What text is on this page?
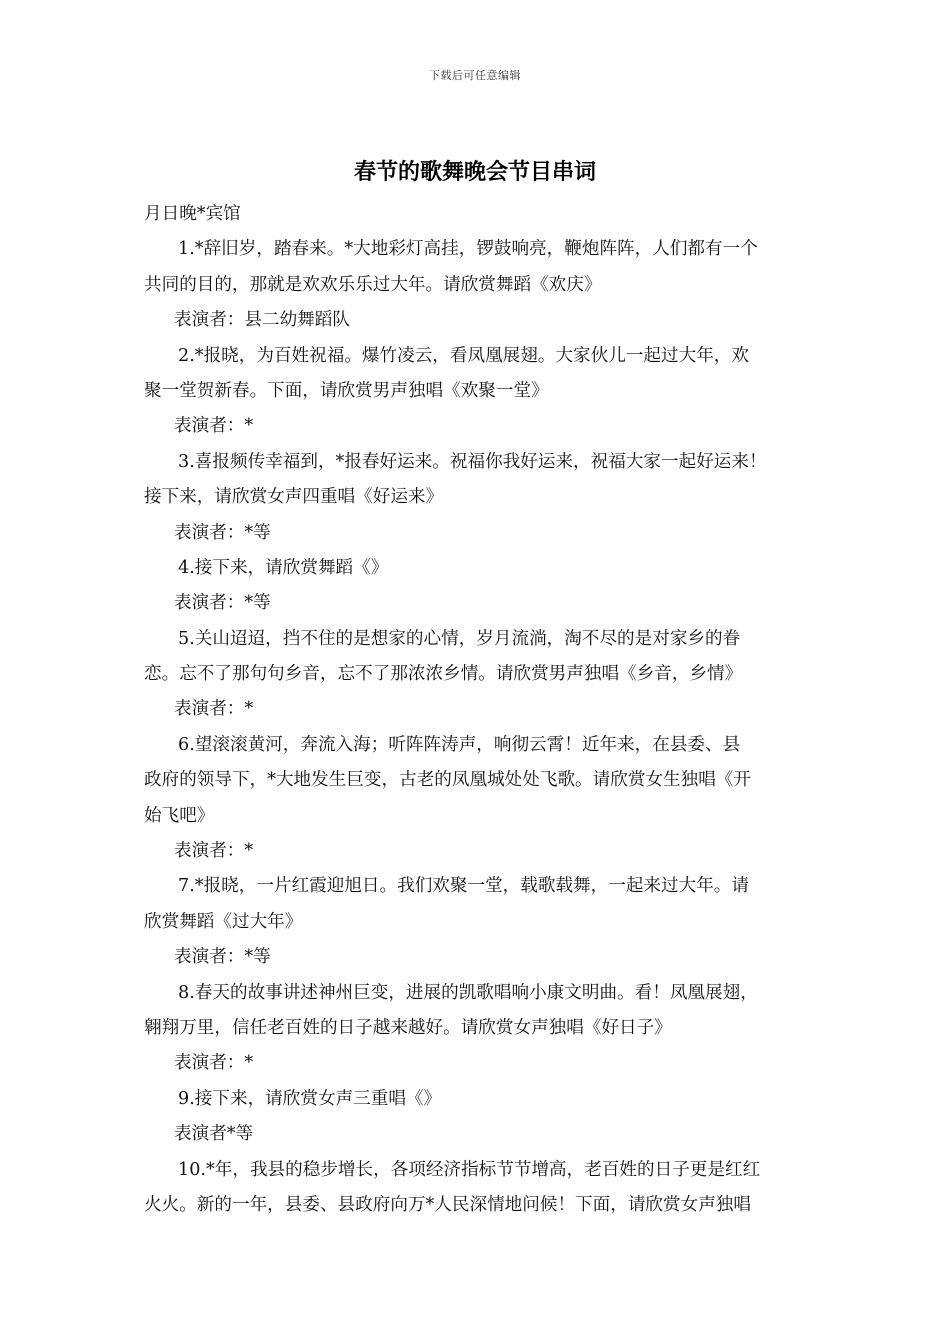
下载后可任意编辑
春节的歌舞晚会节目串词
月日晚*宾馆
1.*辞旧岁，踏春来。*大地彩灯高挂，锣鼓响亮，鞭炮阵阵，人们都有一个
共同的目的，那就是欢欢乐乐过大年。请欣赏舞蹈《欢庆》
表演者：县二幼舞蹈队
2.*报晓，为百姓祝福。爆竹凌云，看凤凰展翅。大家伙儿一起过大年，欢
聚一堂贺新春。下面，请欣赏男声独唱《欢聚一堂》
表演者：*
3.喜报频传幸福到，*报春好运来。祝福你我好运来，祝福大家一起好运来！
接下来，请欣赏女声四重唱《好运来》
表演者：*等
4.接下来，请欣赏舞蹈《》
表演者：*等
5.关山迢迢，挡不住的是想家的心情，岁月流淌，淘不尽的是对家乡的眷
恋。忘不了那句句乡音，忘不了那浓浓乡情。请欣赏男声独唱《乡音，乡情》
表演者：*
6.望滚滚黄河，奔流入海；听阵阵涛声，响彻云霄！近年来，在县委、县
政府的领导下，*大地发生巨变，古老的凤凰城处处飞歌。请欣赏女生独唱《开
始飞吧》
表演者：*
7.*报晓，一片红霞迎旭日。我们欢聚一堂，载歌载舞，一起来过大年。请
欣赏舞蹈《过大年》
表演者：*等
8.春天的故事讲述神州巨变，进展的凯歌唱响小康文明曲。看！凤凰展翅，
翱翔万里，信任老百姓的日子越来越好。请欣赏女声独唱《好日子》
表演者：*
9.接下来，请欣赏女声三重唱《》
表演者*等
10.*年，我县的稳步增长，各项经济指标节节增高，老百姓的日子更是红红
火火。新的一年，县委、县政府向万*人民深情地问候！下面，请欣赏女声独唱
